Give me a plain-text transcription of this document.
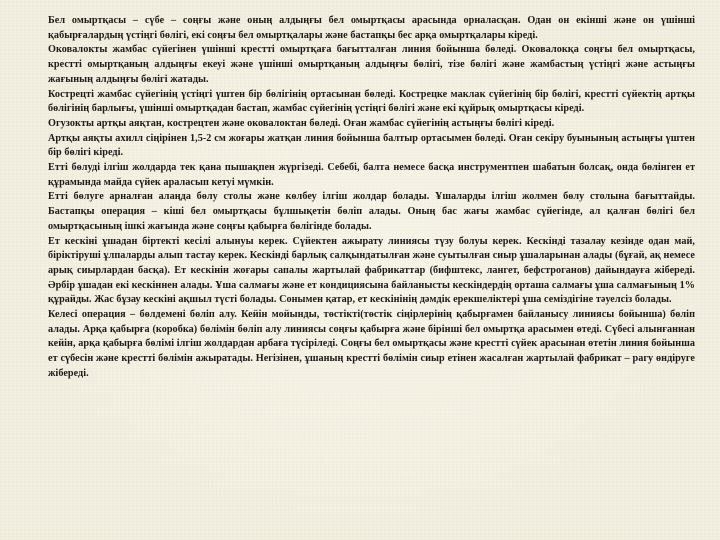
Бел омыртқасы – сүбе – соңғы және оның алдыңғы бел омыртқасы арасында орналасқан. Одан он екінші және он үшінші қабырғалардың үстіңгі бөлігі, екі соңғы бел омыртқалары және бастапқы бес арқа омыртқалары кіреді.

Оковалокты жамбас сүйегінен үшінші крестті омыртқаға бағытталған линия бойынша бөледі. Оковалокқа соңғы бел омыртқасы, крестті омыртқаның алдыңғы екеуі және үшінші омыртқаның алдыңғы бөлігі, тізе бөлігі және жамбастың үстіңгі және астыңғы жағының алдыңғы бөлігі жатады.

Кострецті жамбас сүйегінің үстіңгі үштен бір бөлігінің ортасынан бөледі. Кострецке маклак сүйегінің бір бөлігі, крестті сүйектің артқы бөлігінің барлығы, үшінші омыртқадан бастап, жамбас сүйегінің үстіңгі бөлігі және екі құйрық омыртқасы кіреді.

Огузокты артқы аяқтан, кострецтен және оковалоктан бөледі. Оған жамбас сүйегінің астыңғы бөлігі кіреді.

Артқы аяқты ахилл сіңірінен 1,5-2 см жоғары жатқан линия бойынша балтыр ортасымен бөледі. Оған секіру буынының астыңғы үштен бір бөлігі кіреді.

Етті бөлуді ілгіш жолдарда тек қана пышақпен жүргізеді. Себебі, балта немесе басқа инструментпен шабатын болсақ, онда бөлінген ет құрамында майда сүйек араласып кетуі мүмкін.

Етті бөлуге арналған алаңда бөлу столы және көлбеу ілгіш жолдар болады. Ұшаларды ілгіш жолмен бөлу столына бағыттайды. Бастапқы операция – кіші бел омыртқасы бұлшықетін бөліп алады. Оның бас жағы жамбас сүйегінде, ал қалған бөлігі бел омыртқасының ішкі жағында және соңғы қабырға бөлігінде болады.

Ет кескіні ұшадан біртекті кесілі алынуы керек. Сүйектен ажырату линиясы түзу болуы керек. Кескінді тазалау кезінде одан май, біріктіруші ұлпаларды алып тастау керек. Кескінді барлық салқындатылған және суытылған сиыр ұшаларынан алады (бұғай, ақ немесе арық сиырлардан басқа). Ет кескінін жоғары сапалы жартылай фабрикаттар (бифштекс, лангет, бефстроганов) дайындауға жібереді. Әрбір ұшадан екі кескіннен алады. Ұша салмағы және ет кондициясына байланысты кескіндердің орташа салмағы ұша салмағының 1% құрайды. Жас бұзау кескіні ақшыл түсті болады. Сонымен қатар, ет кескінінің дәмдік ерекшеліктері ұша семіздігіне тәуелсіз болады.

Келесі операция – бөлдемені бөліп алу. Кейін мойынды, төстікті(төстік сіңірлерінің қабырғамен байланысу линиясы бойынша) бөліп алады. Арқа қабырға (коробка) бөлімін бөліп алу линиясы соңғы қабырға және бірінші бел омыртқа арасымен өтеді. Сүбесі алынғаннан кейін, арқа қабырға бөлімі ілгіш жолдардан арбаға түсіріледі. Соңғы бел омыртқасы және крестті сүйек арасынан өтетін линия бойынша ет сүбесін және крестті бөлімін ажыратады. Негізінен, ұшаның крестті бөлімін сиыр етінен жасалған жартылай фабрикат – рагу өндіруге жібереді.
